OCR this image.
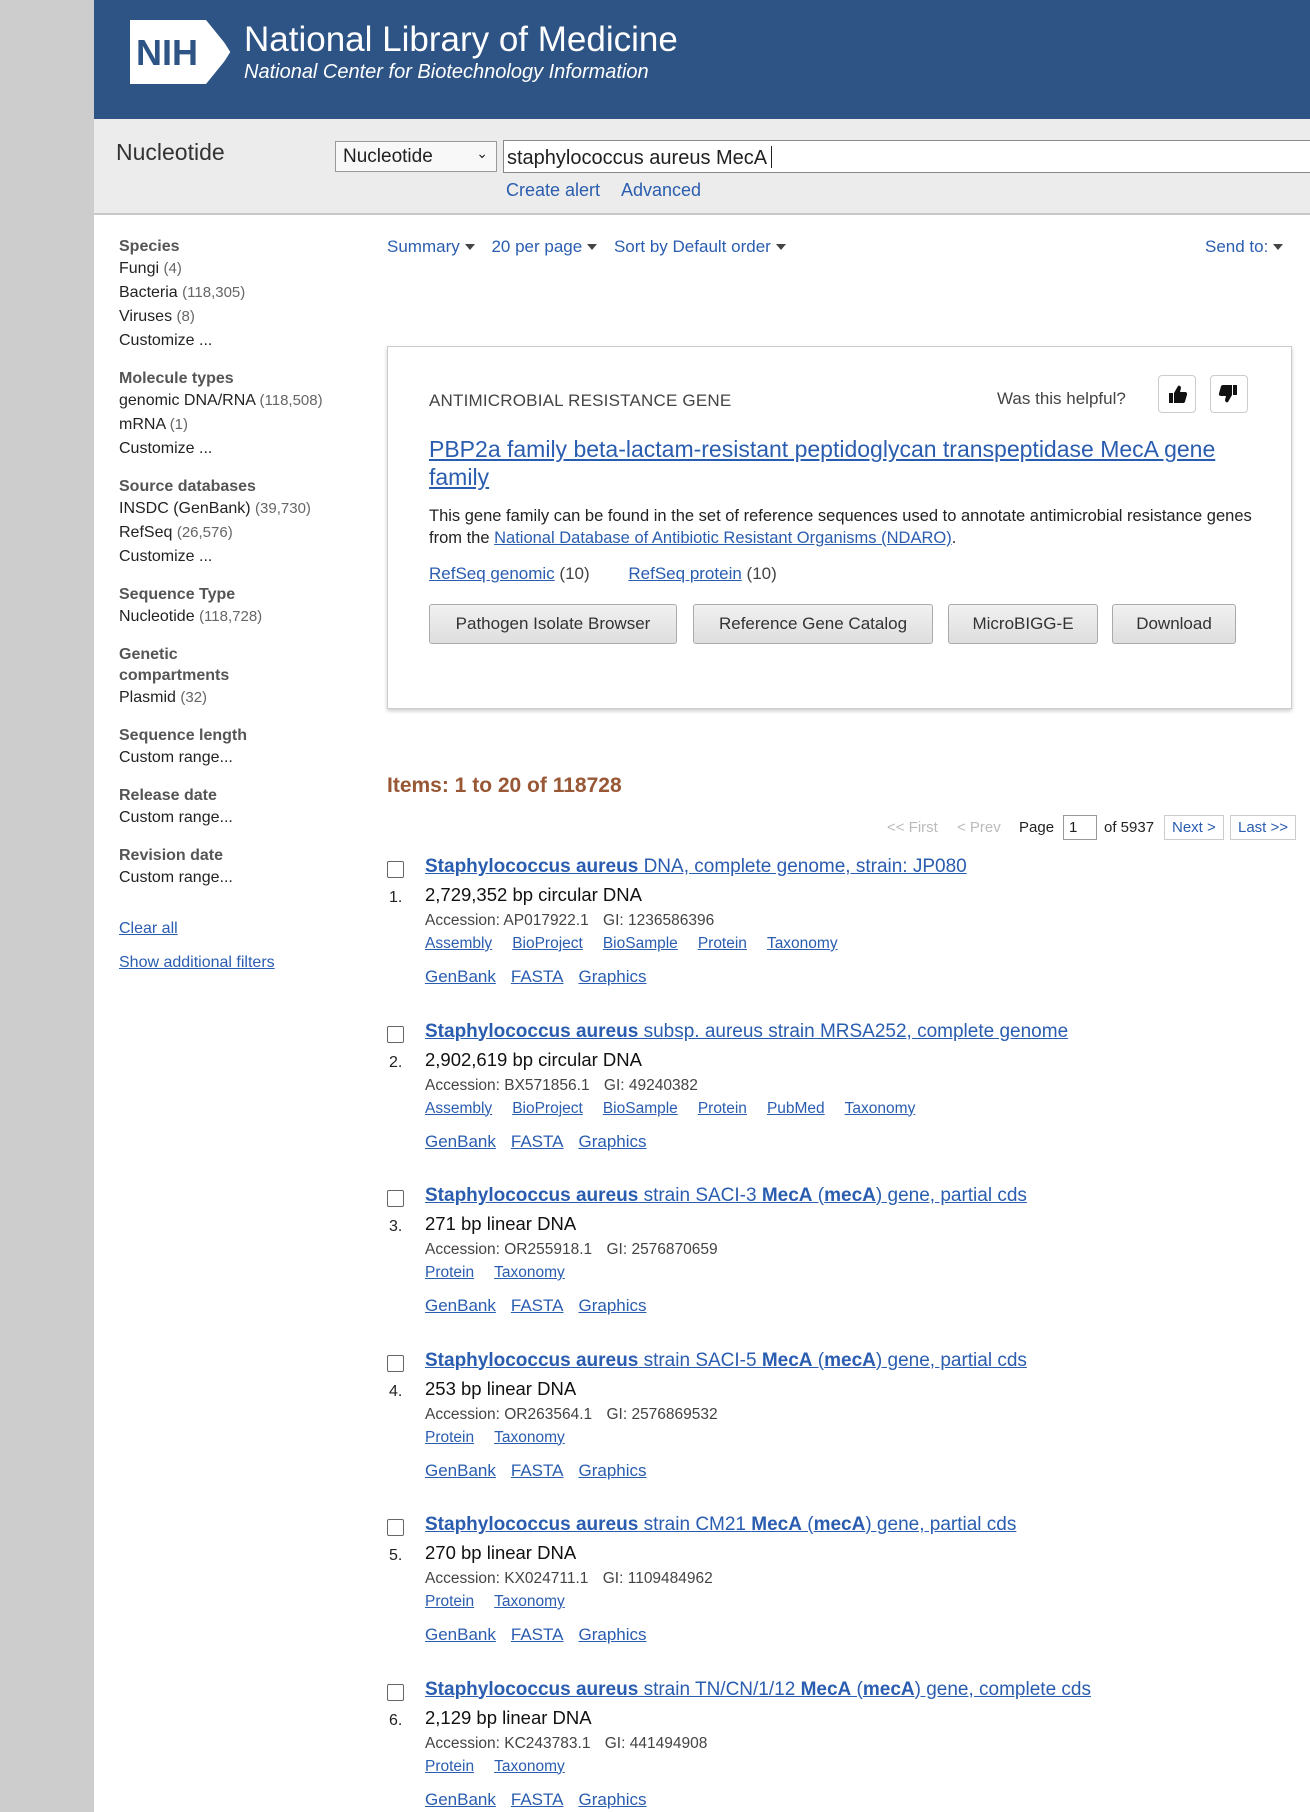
NIH National Library of Medicine
National Center for Biotechnology Information
Nucleotide	Nucleotide	⌄ staphylococcus aureus MecA
Create alert Advanced
Species
Fungi (4)
Bacteria (118,305)
Viruses (8)
Customize ...
Molecule types
genomic DNA/RNA (118,508)
mRNA (1)
Customize ...
Source databases
INSDC (GenBank) (39,730)
RefSeq (26,576)
Customize ...
Sequence Type
Nucleotide (118,728)
Genetic compartments
Plasmid (32)
Sequence length
Custom range...
Release date
Custom range...
Revision date
Custom range...
Clear all
Show additional filters
Summary 20 per page Sort by Default order	Send to:
ANTIMICROBIAL RESISTANCE GENE	Was this helpful?
PBP2a family beta-lactam-resistant peptidoglycan transpeptidase MecA gene family
This gene family can be found in the set of reference sequences used to annotate antimicrobial resistance genes from the National Database of Antibiotic Resistant Organisms (NDARO).
RefSeq genomic (10) RefSeq protein (10)
Pathogen Isolate Browser	Reference Gene Catalog	MicroBIGG-E	Download
Items: 1 to 20 of 118728
<< First < Prev Page 1	of 5937	Next >	Last >>
1.
Staphylococcus aureus DNA, complete genome, strain: JP080
2,729,352 bp circular DNA
Accession: AP017922.1 GI: 1236586396
Assembly BioProject BioSample Protein Taxonomy
GenBank FASTA Graphics
2.
Staphylococcus aureus subsp. aureus strain MRSA252, complete genome
2,902,619 bp circular DNA
Accession: BX571856.1 GI: 49240382
Assembly BioProject BioSample Protein PubMed Taxonomy
GenBank FASTA Graphics
3.
Staphylococcus aureus strain SACI-3 MecA (mecA) gene, partial cds
271 bp linear DNA
Accession: OR255918.1 GI: 2576870659
Protein Taxonomy
GenBank FASTA Graphics
4.
Staphylococcus aureus strain SACI-5 MecA (mecA) gene, partial cds
253 bp linear DNA
Accession: OR263564.1 GI: 2576869532
Protein Taxonomy
GenBank FASTA Graphics
5.
Staphylococcus aureus strain CM21 MecA (mecA) gene, partial cds
270 bp linear DNA
Accession: KX024711.1 GI: 1109484962
Protein Taxonomy
GenBank FASTA Graphics
6.
Staphylococcus aureus strain TN/CN/1/12 MecA (mecA) gene, complete cds
2,129 bp linear DNA
Accession: KC243783.1 GI: 441494908
Protein Taxonomy
GenBank FASTA Graphics
